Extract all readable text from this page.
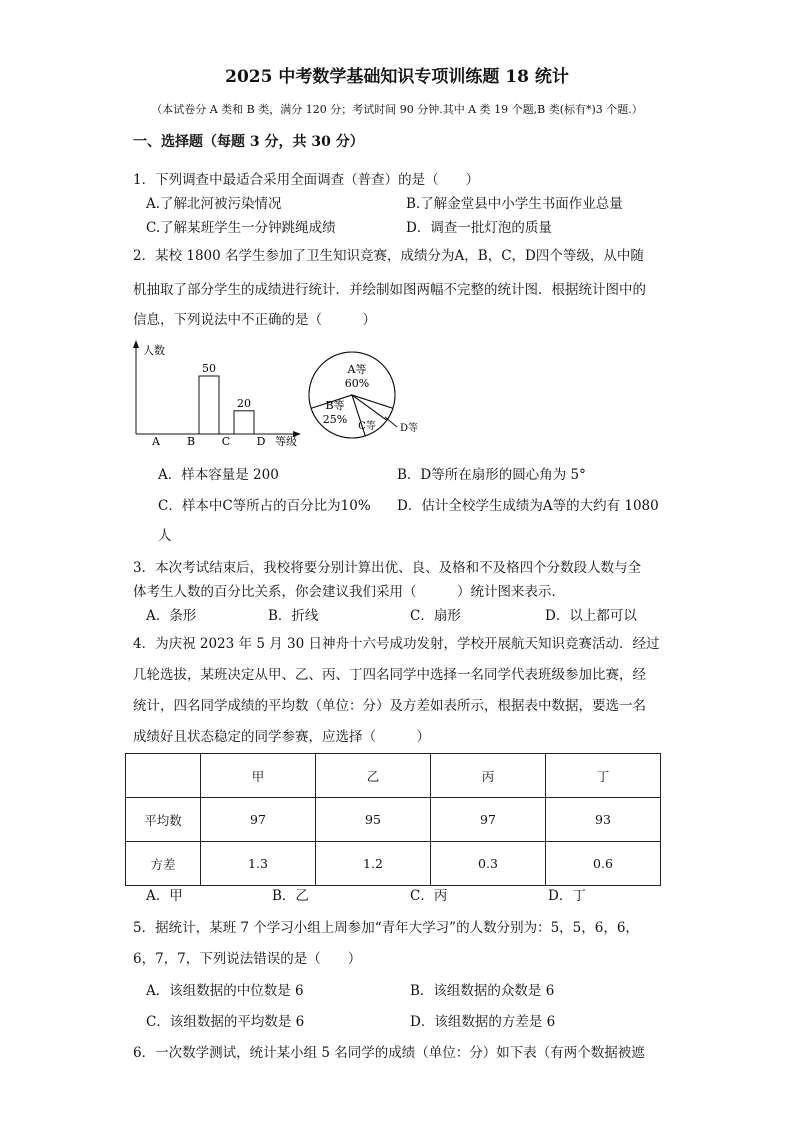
2025 中考数学基础知识专项训练题 18 统计
（本试卷分 A 类和 B 类，满分 120 分；考试时间 90 分钟.其中 A 类 19 个题,B 类(标有*)3 个题.）
一、选择题（每题 3 分，共 30 分）
1．下列调查中最适合采用全面调查（普查）的是（　　）
A.了解北河被污染情况	B.了解金堂县中小学生书面作业总量
C.了解某班学生一分钟跳绳成绩	D．调查一批灯泡的质量
2．某校 1800 名学生参加了卫生知识竞赛，成绩分为A，B，C，D四个等级，从中随
机抽取了部分学生的成绩进行统计．并绘制如图两幅不完整的统计图．根据统计图中的
信息，下列说法中不正确的是（　　　）
人数
等级
A B
50
C
20
D
A等
60%
B等
25%
C等 D等
A．样本容量是 200	B．D等所在扇形的圆心角为 5°
C．样本中C等所占的百分比为10% D．估计全校学生成绩为A等的大约有 1080
人
3．本次考试结束后，我校将要分别计算出优、良、及格和不及格四个分数段人数与全
体考生人数的百分比关系，你会建议我们采用（　　　）统计图来表示．
A．条形	B．折线	C．扇形	D．以上都可以
4．为庆祝 2023 年 5 月 30 日神舟十六号成功发射，学校开展航天知识竞赛活动．经过
几轮选拔，某班决定从甲、乙、丙、丁四名同学中选择一名同学代表班级参加比赛，经
统计，四名同学成绩的平均数（单位：分）及方差如表所示，根据表中数据，要选一名
成绩好且状态稳定的同学参赛，应选择（　　　）
	甲	乙	丙	丁
平均数	97	95	97	93
方差	1.3	1.2	0.3	0.6
A．甲	B．乙	C．丙	D．丁
5．据统计，某班 7 个学习小组上周参加“青年大学习”的人数分别为：5，5，6，6，
6，7，7，下列说法错误的是（　　）
A．该组数据的中位数是 6	B．该组数据的众数是 6
C．该组数据的平均数是 6	D．该组数据的方差是 6
6．一次数学测试，统计某小组 5 名同学的成绩（单位：分）如下表（有两个数据被遮
